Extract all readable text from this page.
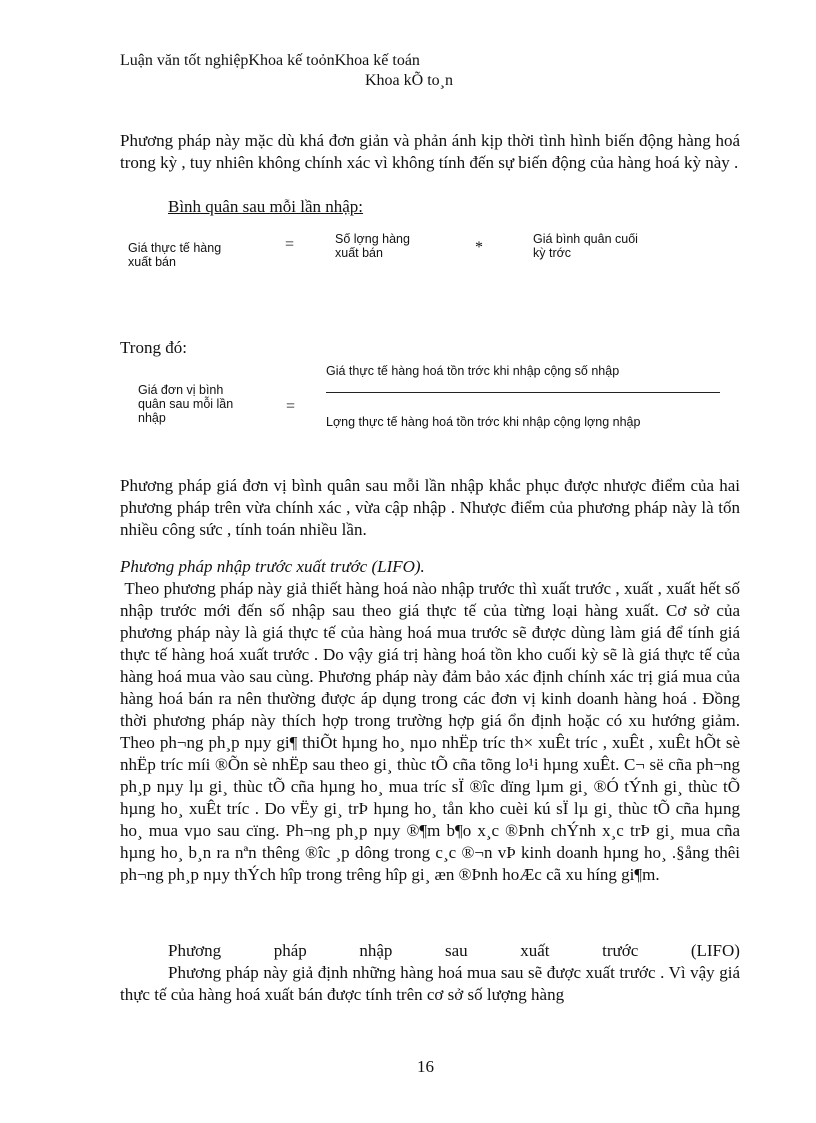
Luận văn tốt nghiệpKhoa kế toỏnKhoa kế toán
Khoa kÕ to¸n
Phương pháp này mặc dù khá đơn giản và phản ánh kịp thời tình hình biến động hàng hoá trong kỳ , tuy nhiên không chính xác vì không tính đến sự biến động của hàng hoá kỳ này .
Bình quân sau mỗi lần nhập:
Giá thực tế hàng
xuất bán
=	Số lợng hàng
xuất bán	*	Giá bình quân cuối
kỳ trớc
Trong đó:
Giá đơn vị bình
quân sau mỗi lần
nhập
=
Giá thực tế hàng hoá tồn trớc khi nhập cộng số nhập
Lợng thực tế hàng hoá tồn trớc khi nhập cộng lợng nhập
Phương pháp giá đơn vị bình quân sau mỗi lần nhập khắc phục được nhược điểm của hai phương pháp trên vừa chính xác , vừa cập nhập . Nhược điểm của phương pháp này là tốn nhiều công sức , tính toán nhiều lần.
Phương pháp nhập trước xuất trước (LIFO).
Theo phương pháp này giả thiết hàng hoá nào nhập trước thì xuất trước , xuất , xuất hết số nhập trước mới đến số nhập sau theo giá thực tế của từng loại hàng xuất. Cơ sở của phương pháp này là giá thực tế của hàng hoá mua trước sẽ được dùng làm giá để tính giá thực tế hàng hoá xuất trước . Do vậy giá trị hàng hoá tồn kho cuối kỳ sẽ là giá thực tế của hàng hoá mua vào sau cùng. Phương pháp này đảm bảo xác định chính xác trị giá mua của hàng hoá bán ra nên thường được áp dụng trong các đơn vị kinh doanh hàng hoá . Đồng thời phương pháp này thích hợp trong trường hợp giá ổn định hoặc có xu hướng giảm.     Theo ph¬ng ph¸p nµy gi¶ thiÕt hµng ho¸ nµo nhËp tríc th× xuÊt tríc , xuÊt , xuÊt hÕt sè nhËp tríc míi ®Õn sè nhËp sau theo gi¸ thùc tÕ cña tõng lo¹i hµng xuÊt. C¬ së cña ph¬ng ph¸p nµy lµ gi¸ thùc tÕ cña hµng ho¸ mua tríc sÏ ®îc dïng lµm gi¸ ®Ó tÝnh gi¸ thùc tÕ hµng ho¸ xuÊt tríc . Do vËy gi¸ trÞ hµng ho¸ tån kho cuèi kú sÏ lµ gi¸ thùc tÕ cña hµng ho¸ mua vµo sau cïng. Ph¬ng ph¸p nµy ®¶m b¶o x¸c ®Þnh chÝnh x¸c trÞ gi¸ mua cña hµng ho¸ b¸n ra nªn thêng ®îc ¸p dông trong c¸c ®¬n vÞ kinh doanh hµng ho¸ .§ång thêi ph¬ng ph¸p nµy thÝch hîp trong trêng hîp gi¸ æn ®Þnh hoÆc cã xu híng gi¶m.
Phương	pháp	nhập	sau	xuất	trước	(LIFO)
Phương pháp này giả định những hàng hoá mua sau sẽ được xuất trước . Vì vậy giá thực tế của hàng hoá xuất bán được tính trên cơ sở số lượng hàng
16
